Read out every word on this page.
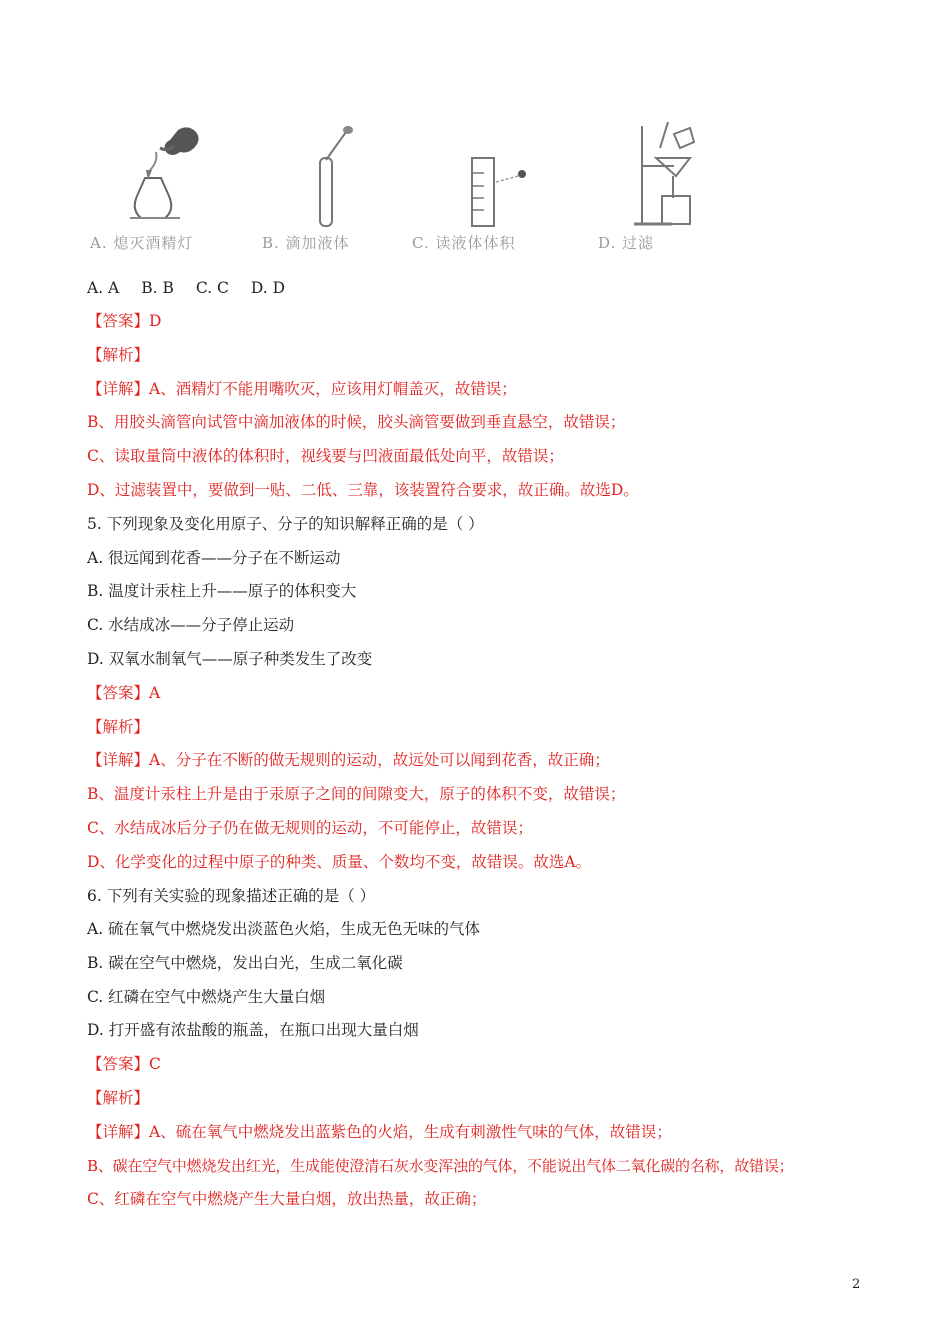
A. 熄灭酒精灯	B. 滴加液体	C. 读液体体积	D. 过滤
A. A B. B C. C D. D
【答案】D
【解析】
【详解】A、酒精灯不能用嘴吹灭，应该用灯帽盖灭，故错误；
B、用胶头滴管向试管中滴加液体的时候，胶头滴管要做到垂直悬空，故错误；
C、读取量筒中液体的体积时，视线要与凹液面最低处向平，故错误；
D、过滤装置中，要做到一贴、二低、三靠，该装置符合要求，故正确。故选D。
5. 下列现象及变化用原子、分子的知识解释正确的是（ ）
A. 很远闻到花香——分子在不断运动
B. 温度计汞柱上升——原子的体积变大
C. 水结成冰——分子停止运动
D. 双氧水制氧气——原子种类发生了改变
【答案】A
【解析】
【详解】A、分子在不断的做无规则的运动，故远处可以闻到花香，故正确；
B、温度计汞柱上升是由于汞原子之间的间隙变大，原子的体积不变，故错误；
C、水结成冰后分子仍在做无规则的运动，不可能停止，故错误；
D、化学变化的过程中原子的种类、质量、个数均不变，故错误。故选A。
6. 下列有关实验的现象描述正确的是（ ）
A. 硫在氧气中燃烧发出淡蓝色火焰，生成无色无味的气体
B. 碳在空气中燃烧，发出白光，生成二氧化碳
C. 红磷在空气中燃烧产生大量白烟
D. 打开盛有浓盐酸的瓶盖，在瓶口出现大量白烟
【答案】C
【解析】
【详解】A、硫在氧气中燃烧发出蓝紫色的火焰，生成有刺激性气味的气体，故错误；
B、碳在空气中燃烧发出红光，生成能使澄清石灰水变浑浊的气体，不能说出气体二氧化碳的名称，故错误；
C、红磷在空气中燃烧产生大量白烟，放出热量，故正确；
2
